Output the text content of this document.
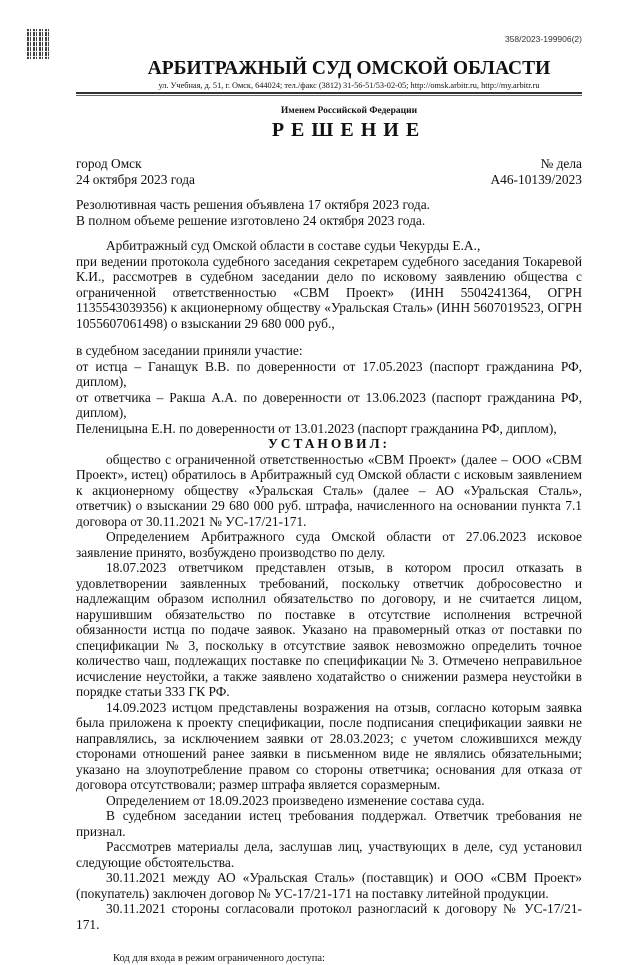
358/2023-199906(2)
АРБИТРАЖНЫЙ СУД ОМСКОЙ ОБЛАСТИ
ул. Учебная, д. 51, г. Омск, 644024; тел./факс (3812) 31-56-51/53-02-05; http://omsk.arbitr.ru, http://my.arbitr.ru
Именем Российской Федерации
РЕШЕНИЕ
город Омск	№ дела
24 октября 2023 года	А46-10139/2023

Резолютивная часть решения объявлена 17 октября 2023 года.

В полном объеме решение изготовлено 24 октября 2023 года.

Арбитражный суд Омской области в составе судьи Чекурды Е.А.,

при ведении протокола судебного заседания секретарем судебного заседания Токаревой К.И., рассмотрев в судебном заседании дело по исковому заявлению общества с ограниченной ответственностью «СВМ Проект» (ИНН 5504241364, ОГРН 1135543039356) к акционерному обществу «Уральская Сталь» (ИНН 5607019523, ОГРН 1055607061498) о взыскании 29 680 000 руб.,

в судебном заседании приняли участие:

от истца – Ганащук В.В. по доверенности от 17.05.2023 (паспорт гражданина РФ, диплом),

от ответчика – Ракша А.А. по доверенности от 13.06.2023 (паспорт гражданина РФ, диплом),

Пеленицына Е.Н. по доверенности от 13.01.2023 (паспорт гражданина РФ, диплом),

УСТАНОВИЛ:

общество с ограниченной ответственностью «СВМ Проект» (далее – ООО «СВМ Проект», истец) обратилось в Арбитражный суд Омской области с исковым заявлением к акционерному обществу «Уральская Сталь» (далее – АО «Уральская Сталь», ответчик) о взыскании 29 680 000 руб. штрафа, начисленного на основании пункта 7.1 договора от 30.11.2021 № УС-17/21-171.

Определением Арбитражного суда Омской области от 27.06.2023 исковое заявление принято, возбуждено производство по делу.

18.07.2023 ответчиком представлен отзыв, в котором просил отказать в удовлетворении заявленных требований, поскольку ответчик добросовестно и надлежащим образом исполнил обязательство по договору, и не считается лицом, нарушившим обязательство по поставке в отсутствие исполнения встречной обязанности истца по подаче заявок. Указано на правомерный отказ от поставки по спецификации № 3, поскольку в отсутствие заявок невозможно определить точное количество чаш, подлежащих поставке по спецификации № 3. Отмечено неправильное исчисление неустойки, а также заявлено ходатайство о снижении размера неустойки в порядке статьи 333 ГК РФ.

14.09.2023 истцом представлены возражения на отзыв, согласно которым заявка была приложена к проекту спецификации, после подписания спецификации заявки не направлялись, за исключением заявки от 28.03.2023; с учетом сложившихся между сторонами отношений ранее заявки в письменном виде не являлись обязательными; указано на злоупотребление правом со стороны ответчика; основания для отказа от договора отсутствовали; размер штрафа является соразмерным.

Определением от 18.09.2023 произведено изменение состава суда.

В судебном заседании истец требования поддержал. Ответчик требования не признал.

Рассмотрев материалы дела, заслушав лиц, участвующих в деле, суд установил следующие обстоятельства.

30.11.2021 между АО «Уральская Сталь» (поставщик) и ООО «СВМ Проект» (покупатель) заключен договор № УС-17/21-171 на поставку литейной продукции.

30.11.2021 стороны согласовали протокол разногласий к договору № УС-17/21-171.

Код для входа в режим ограниченного доступа:
